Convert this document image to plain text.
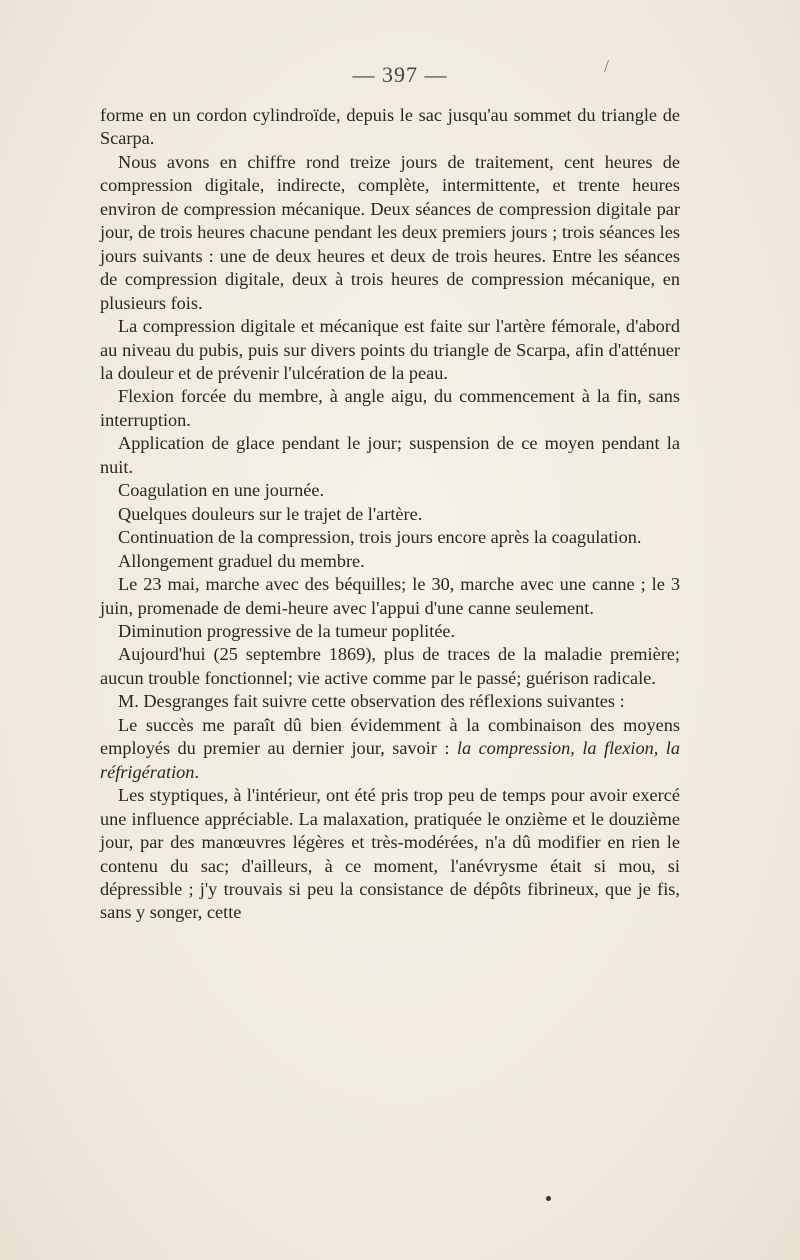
— 397 —	/

forme en un cordon cylindroïde, depuis le sac jusqu'au sommet du triangle de Scarpa.

Nous avons en chiffre rond treize jours de traitement, cent heures de compression digitale, indirecte, complète, intermittente, et trente heures environ de compression mécanique. Deux séances de compression digitale par jour, de trois heures chacune pendant les deux premiers jours ; trois séances les jours suivants : une de deux heures et deux de trois heures. Entre les séances de compression digitale, deux à trois heures de compression mécanique, en plusieurs fois.

La compression digitale et mécanique est faite sur l'artère fémorale, d'abord au niveau du pubis, puis sur divers points du triangle de Scarpa, afin d'atténuer la douleur et de prévenir l'ulcération de la peau.

Flexion forcée du membre, à angle aigu, du commencement à la fin, sans interruption.

Application de glace pendant le jour; suspension de ce moyen pendant la nuit.

Coagulation en une journée.

Quelques douleurs sur le trajet de l'artère.

Continuation de la compression, trois jours encore après la coagulation.

Allongement graduel du membre.

Le 23 mai, marche avec des béquilles; le 30, marche avec une canne ; le 3 juin, promenade de demi-heure avec l'appui d'une canne seulement.

Diminution progressive de la tumeur poplitée.

Aujourd'hui (25 septembre 1869), plus de traces de la maladie première; aucun trouble fonctionnel; vie active comme par le passé; guérison radicale.

M. Desgranges fait suivre cette observation des réflexions suivantes :

Le succès me paraît dû bien évidemment à la combinaison des moyens employés du premier au dernier jour, savoir : la compression, la flexion, la réfrigération.

Les styptiques, à l'intérieur, ont été pris trop peu de temps pour avoir exercé une influence appréciable. La malaxation, pratiquée le onzième et le douzième jour, par des manœuvres légères et très-modérées, n'a dû modifier en rien le contenu du sac; d'ailleurs, à ce moment, l'anévrysme était si mou, si dépressible ; j'y trouvais si peu la consistance de dépôts fibrineux, que je fis, sans y songer, cette
